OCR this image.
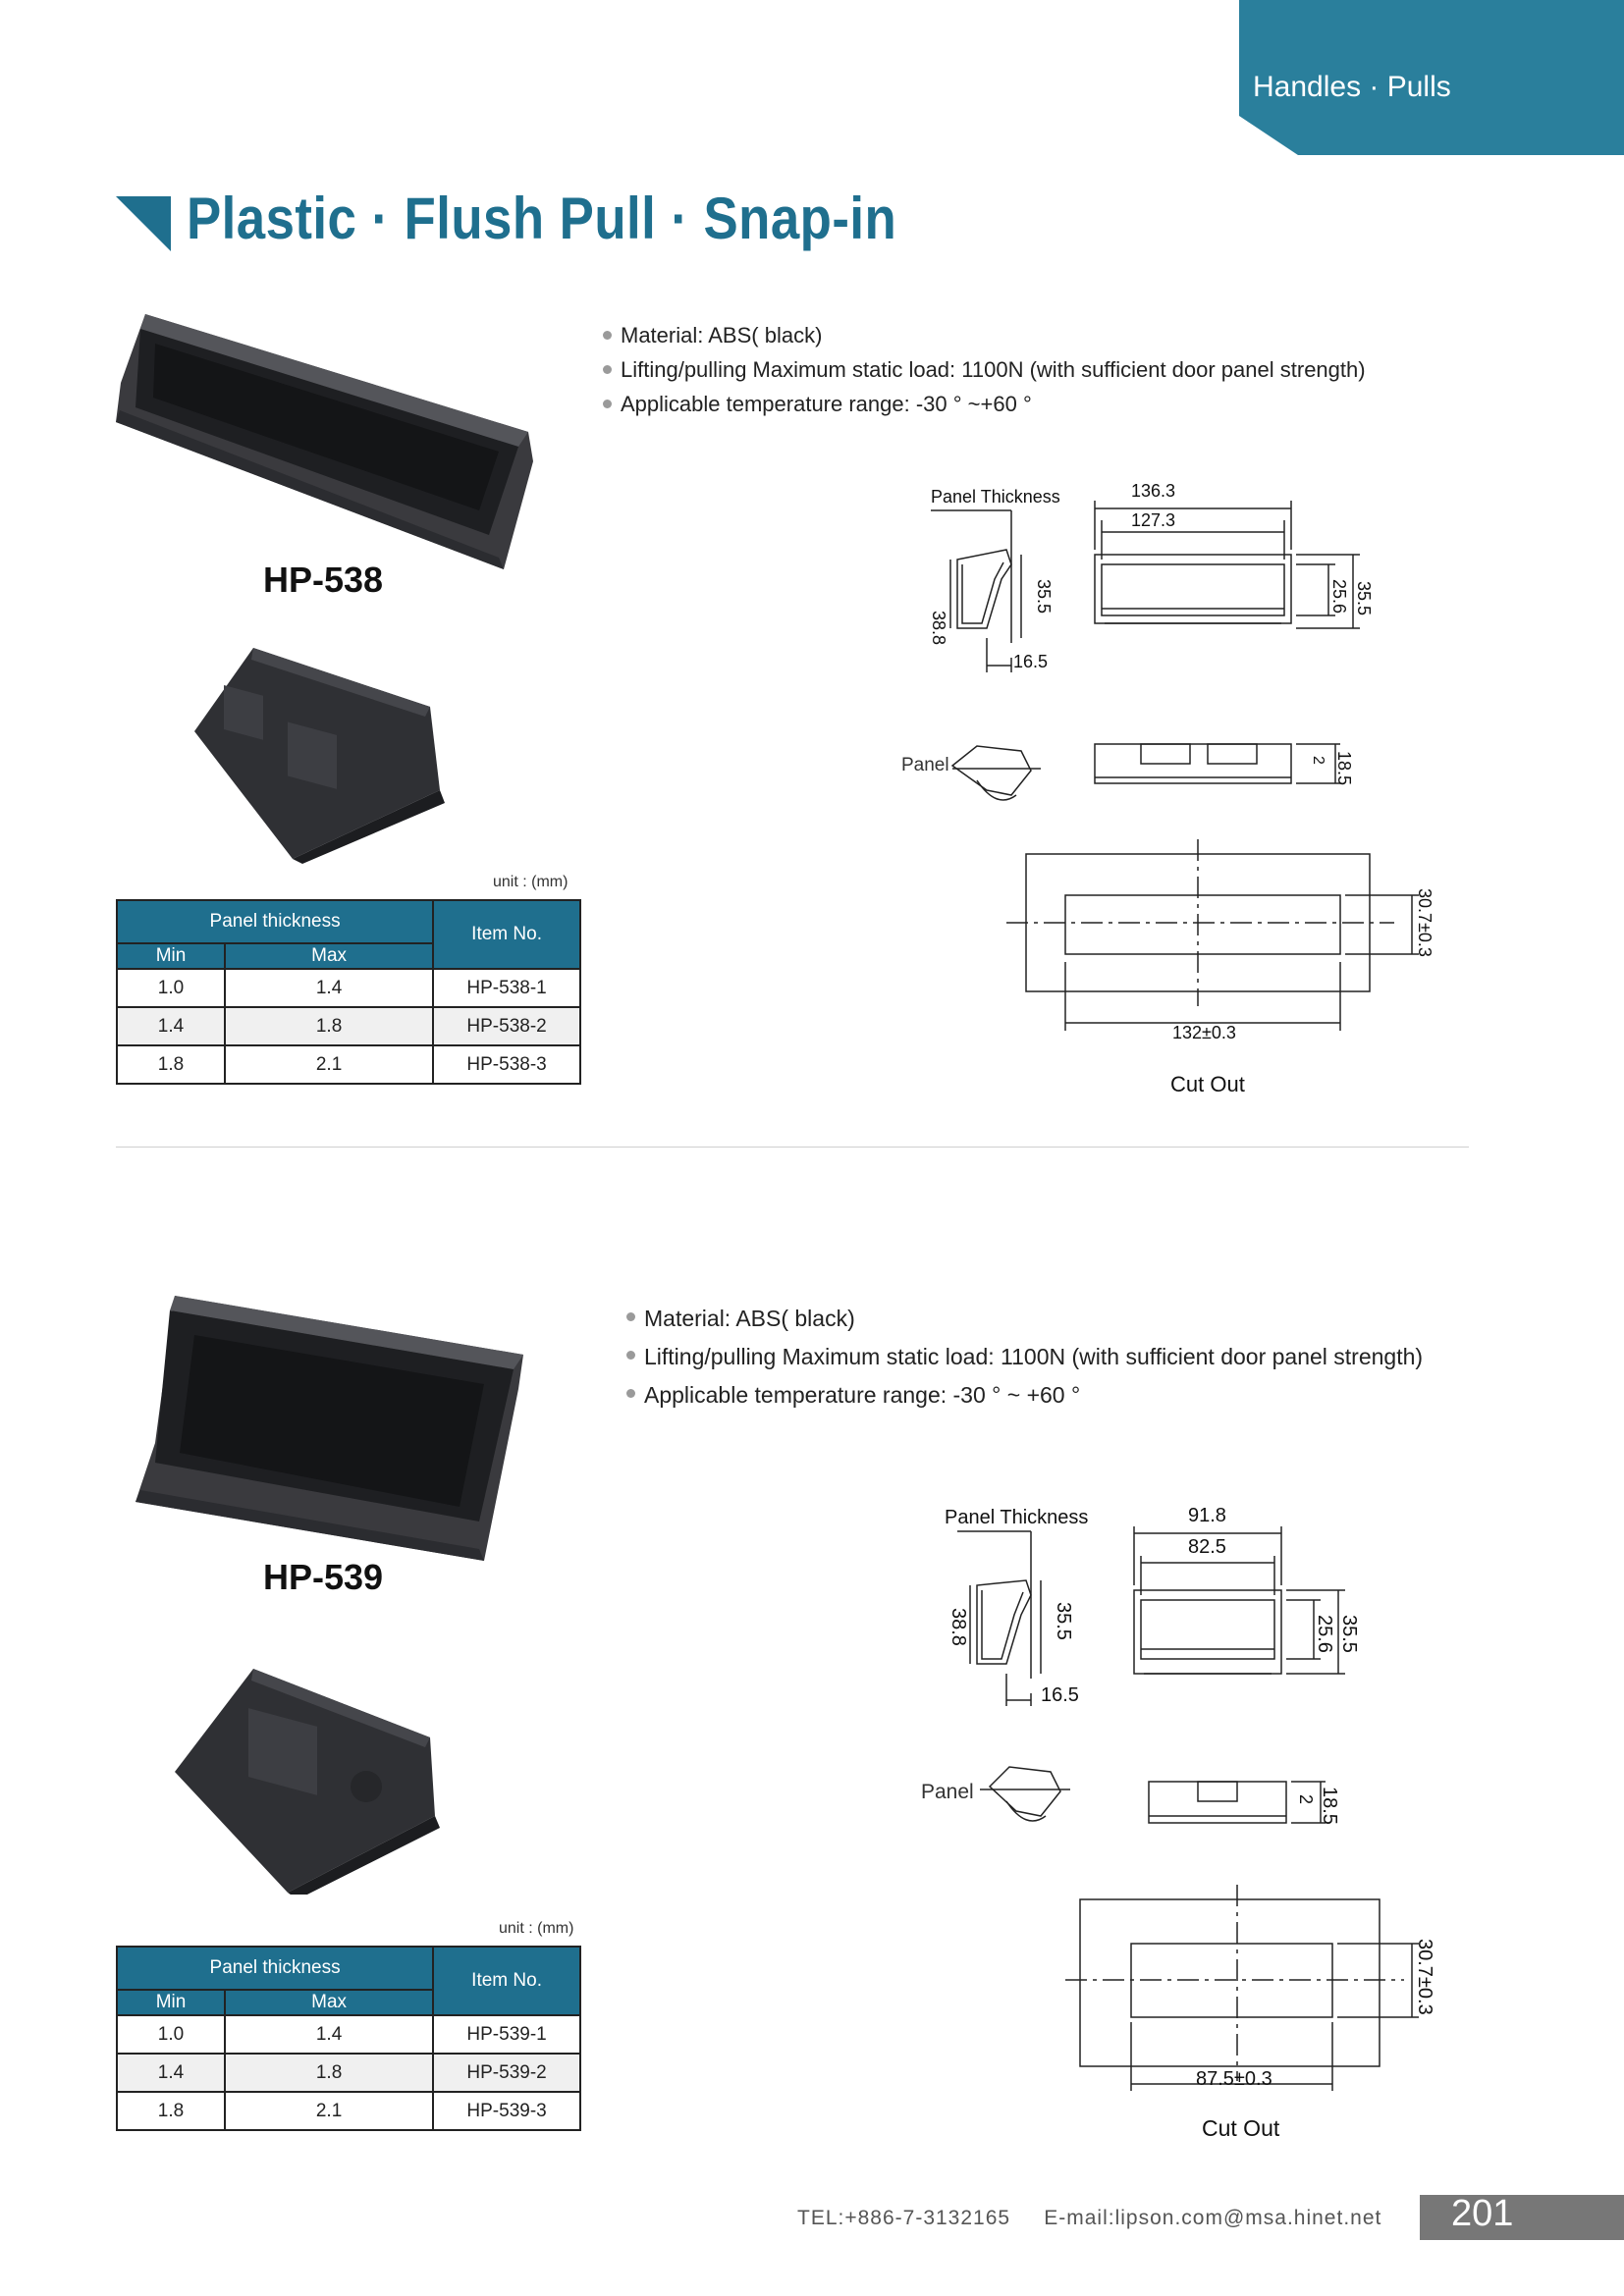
Handles · Pulls
Plastic · Flush Pull · Snap-in
HP-538
Material: ABS( black)
Lifting/pulling Maximum static load: 1100N (with sufficient door panel strength)
Applicable temperature range: -30 ° ~+60 °
unit : (mm)
Panel thickness		Item No.
Min	Max	
1.0	1.4	HP-538-1
1.4	1.8	HP-538-2
1.8	2.1	HP-538-3
Panel Thickness	136.3
127.3
38.8
35.5
16.5
25.6 35.5
Panel	18.5
2
30.7±0.3
132±0.3
Cut Out
HP-539
Material: ABS( black)
Lifting/pulling Maximum static load: 1100N (with sufficient door panel strength)
Applicable temperature range: -30 ° ~ +60 °
unit : (mm)
Panel thickness		Item No.
Min	Max	
1.0	1.4	HP-539-1
1.4	1.8	HP-539-2
1.8	2.1	HP-539-3
Panel Thickness	91.8
82.5
38.8	35.5
16.5
25.6 35.5
Panel	18.5
2
30.7±0.3
87.5±0.3
Cut Out
TEL:+886-7-3132165     E-mail:lipson.com@msa.hinet.net 201
